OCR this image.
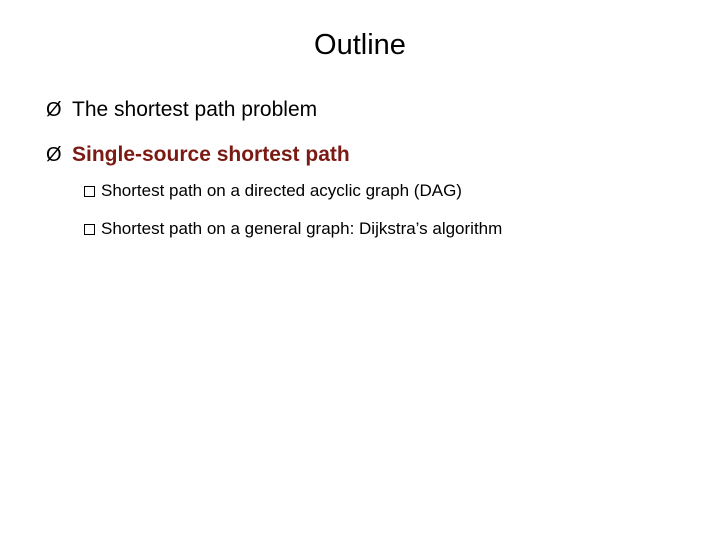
Outline
Ø The shortest path problem
Ø Single-source shortest path
Shortest path on a directed acyclic graph (DAG)
Shortest path on a general graph: Dijkstra’s algorithm
